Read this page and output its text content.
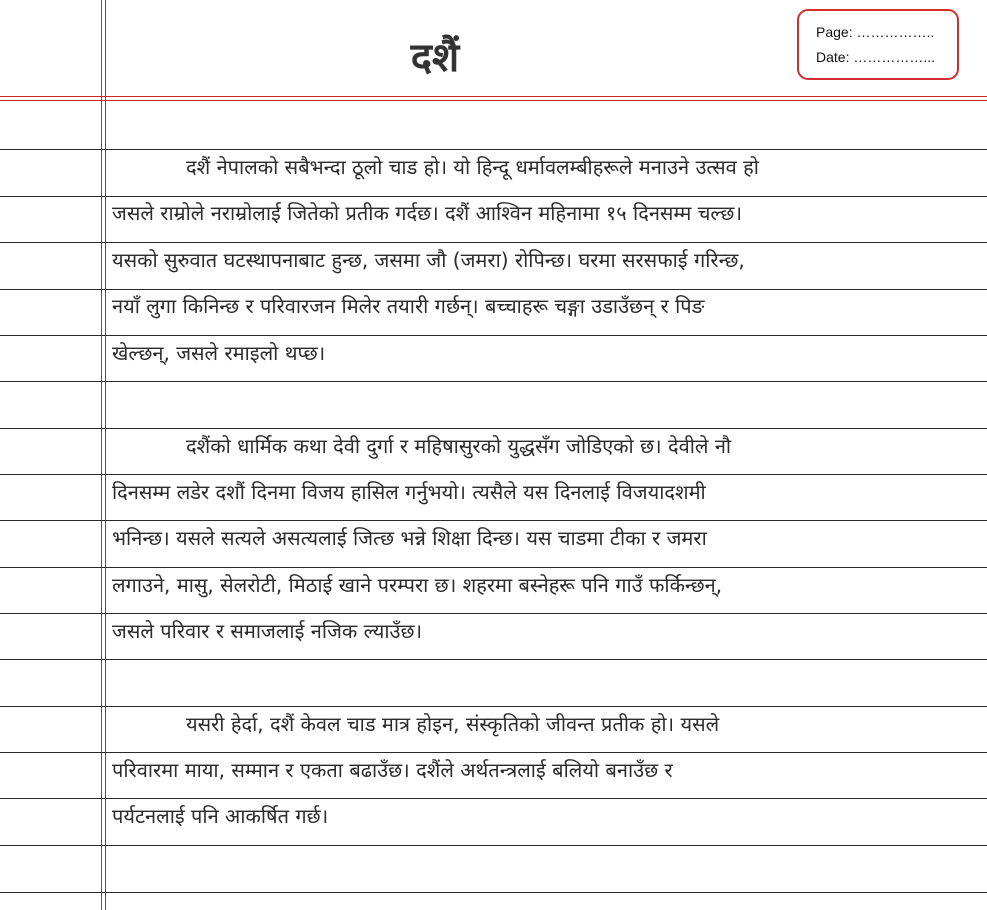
दशैं
Page: ……………..
Date: ……………...
दशैं नेपालको सबैभन्दा ठूलो चाड हो। यो हिन्दू धर्मावलम्बीहरूले मनाउने उत्सव हो
जसले राम्रोले नराम्रोलाई जितेको प्रतीक गर्दछ। दशैं आश्विन महिनामा १५ दिनसम्म चल्छ।
यसको सुरुवात घटस्थापनाबाट हुन्छ, जसमा जौ (जमरा) रोपिन्छ। घरमा सरसफाई गरिन्छ,
नयाँ लुगा किनिन्छ र परिवारजन मिलेर तयारी गर्छन्। बच्चाहरू चङ्गा उडाउँछन् र पिङ
खेल्छन्, जसले रमाइलो थप्छ।
दशैंको धार्मिक कथा देवी दुर्गा र महिषासुरको युद्धसँग जोडिएको छ। देवीले नौ
दिनसम्म लडेर दशौं दिनमा विजय हासिल गर्नुभयो। त्यसैले यस दिनलाई विजयादशमी
भनिन्छ। यसले सत्यले असत्यलाई जित्छ भन्ने शिक्षा दिन्छ। यस चाडमा टीका र जमरा
लगाउने, मासु, सेलरोटी, मिठाई खाने परम्परा छ। शहरमा बस्नेहरू पनि गाउँ फर्किन्छन्,
जसले परिवार र समाजलाई नजिक ल्याउँछ।
यसरी हेर्दा, दशैं केवल चाड मात्र होइन, संस्कृतिको जीवन्त प्रतीक हो। यसले
परिवारमा माया, सम्मान र एकता बढाउँछ। दशैंले अर्थतन्त्रलाई बलियो बनाउँछ र
पर्यटनलाई पनि आकर्षित गर्छ।
